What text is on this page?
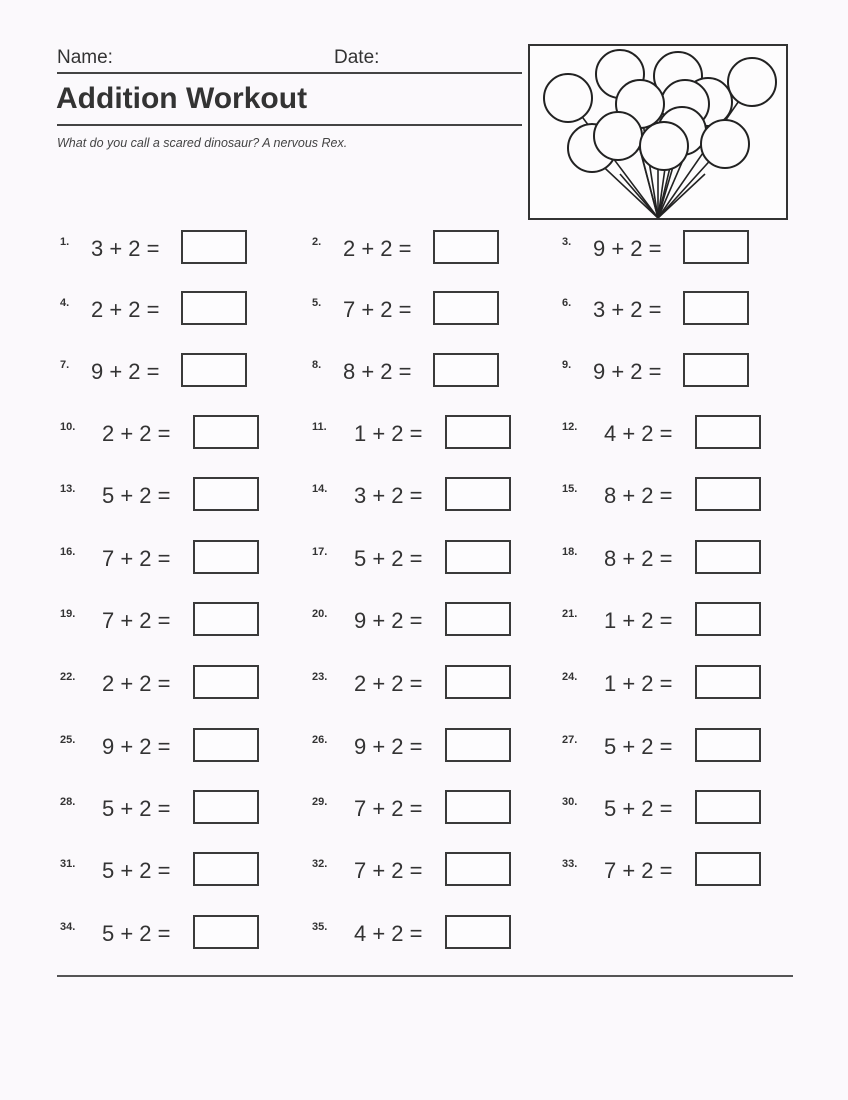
Name:	Date:
Addition Workout
What do you call a scared dinosaur? A nervous Rex.
1. 3 + 2 =	2. 2 + 2 =	3. 9 + 2 =
4. 2 + 2 =	5. 7 + 2 =	6. 3 + 2 =
7. 9 + 2 =	8. 8 + 2 =	9. 9 + 2 =
10. 2 + 2 =	11. 1 + 2 =	12. 4 + 2 =
13. 5 + 2 =	14. 3 + 2 =	15. 8 + 2 =
16. 7 + 2 =	17. 5 + 2 =	18. 8 + 2 =
19. 7 + 2 =	20. 9 + 2 =	21. 1 + 2 =
22. 2 + 2 =	23. 2 + 2 =	24. 1 + 2 =
25. 9 + 2 =	26. 9 + 2 =	27. 5 + 2 =
28. 5 + 2 =	29. 7 + 2 =	30. 5 + 2 =
31. 5 + 2 =	32. 7 + 2 =	33. 7 + 2 =
34. 5 + 2 =	35. 4 + 2 =
